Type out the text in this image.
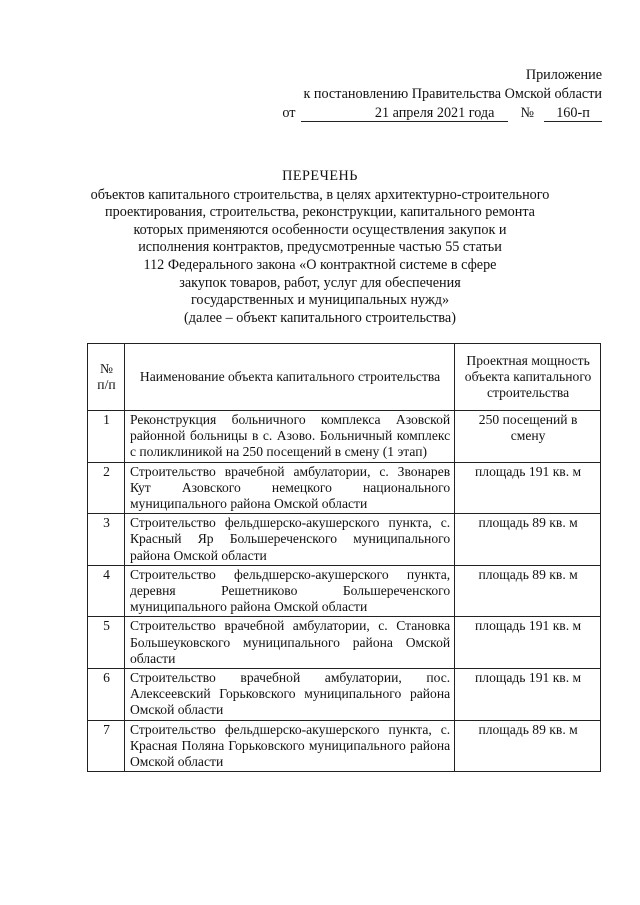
Приложение
к постановлению Правительства Омской области
от	21 апреля 2021 года	№	160-п
ПЕРЕЧЕНЬ
объектов капитального строительства, в целях архитектурно-строительного
проектирования, строительства, реконструкции, капитального ремонта
которых применяются особенности осуществления закупок и
исполнения контрактов, предусмотренные частью 55 статьи
112 Федерального закона «О контрактной системе в сфере
закупок товаров, работ, услуг для обеспечения
государственных и муниципальных нужд»
(далее – объект капитального строительства)
№ п/п	Наименование объекта капитального строительства	Проектная мощность объекта капитального строительства
1	Реконструкция больничного комплекса Азовской районной больницы в с. Азово. Больничный комплекс с поликлиникой на 250 посещений в смену (1 этап)	250 посещений в смену
2	Строительство врачебной амбулатории, с. Звонарев Кут Азовского немецкого национального муниципального района Омской области	площадь 191 кв. м
3	Строительство фельдшерско-акушерского пункта, с. Красный Яр Большереченского муниципального района Омской области	площадь 89 кв. м
4	Строительство фельдшерско-акушерского пункта, деревня Решетниково Большереченского муниципального района Омской области	площадь 89 кв. м
5	Строительство врачебной амбулатории, с. Становка Большеуковского муниципального района Омской области	площадь 191 кв. м
6	Строительство врачебной амбулатории, пос. Алексеевский Горьковского муниципального района Омской области	площадь 191 кв. м
7	Строительство фельдшерско-акушерского пункта, с. Красная Поляна Горьковского муниципального района Омской области	площадь 89 кв. м
